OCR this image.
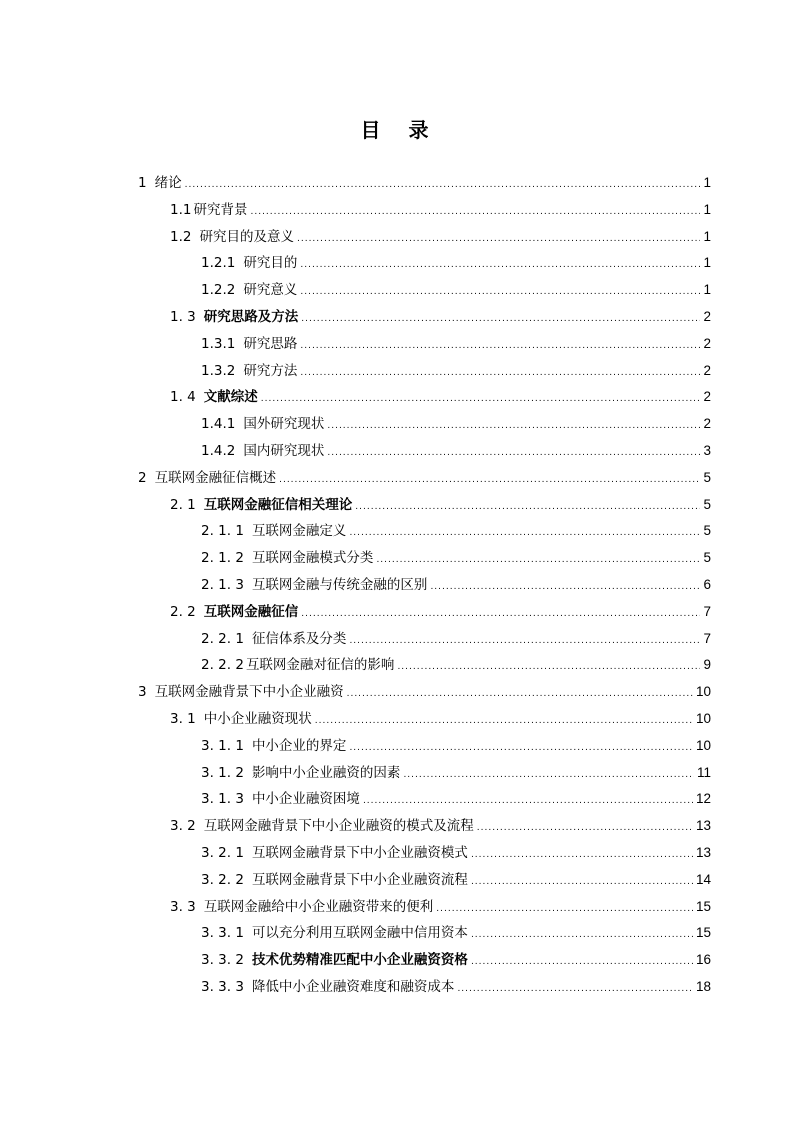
目　录
1 绪论 .....	1
1.1 研究背景 .....	1
1.2 研究目的及意义 .....	1
1.2.1 研究目的 .....	1
1.2.2 研究意义 .....	1
1. 3 研究思路及方法 .....	2
1.3.1 研究思路 .....	2
1.3.2 研究方法 .....	2
1. 4 文献综述 .....	2
1.4.1 国外研究现状 .....	2
1.4.2 国内研究现状 .....	3
2 互联网金融征信概述 .....	5
2. 1 互联网金融征信相关理论 .....	5
2. 1. 1 互联网金融定义 .....	5
2. 1. 2 互联网金融模式分类 .....	5
2. 1. 3 互联网金融与传统金融的区别 .....	6
2. 2 互联网金融征信 .....	7
2. 2. 1 征信体系及分类 .....	7
2. 2. 2 互联网金融对征信的影响 .....	9
3 互联网金融背景下中小企业融资 .....	10
3. 1 中小企业融资现状 .....	10
3. 1. 1 中小企业的界定 .....	10
3. 1. 2 影响中小企业融资的因素 .....	11
3. 1. 3 中小企业融资困境 .....	12
3. 2 互联网金融背景下中小企业融资的模式及流程 .....	13
3. 2. 1 互联网金融背景下中小企业融资模式 .....	13
3. 2. 2 互联网金融背景下中小企业融资流程 .....	14
3. 3 互联网金融给中小企业融资带来的便利 .....	15
3. 3. 1 可以充分利用互联网金融中信用资本 .....	15
3. 3. 2 技术优势精准匹配中小企业融资资格 .....	16
3. 3. 3 降低中小企业融资难度和融资成本 .....	18
